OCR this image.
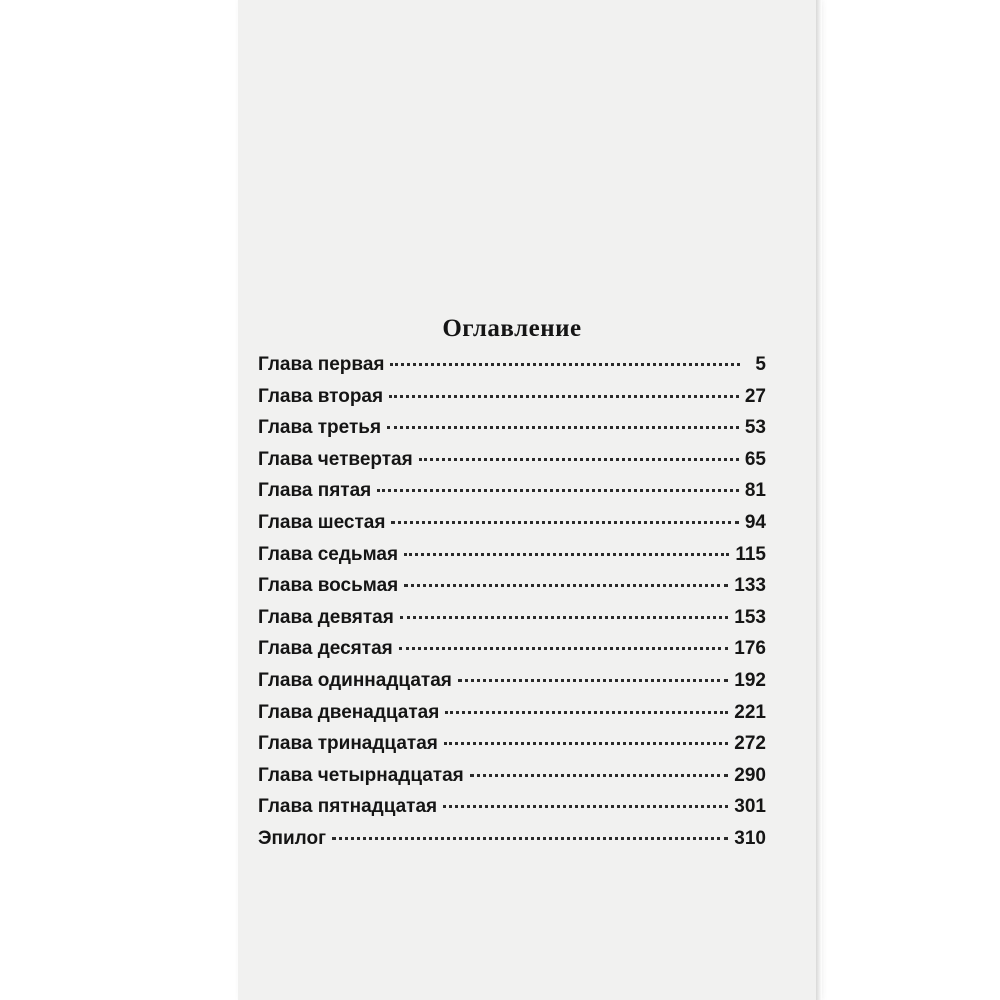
Оглавление
Глава первая	5
Глава вторая	27
Глава третья	53
Глава четвертая	65
Глава пятая	81
Глава шестая	94
Глава седьмая	115
Глава восьмая	133
Глава девятая	153
Глава десятая	176
Глава одиннадцатая	192
Глава двенадцатая	221
Глава тринадцатая	272
Глава четырнадцатая	290
Глава пятнадцатая	301
Эпилог	310
